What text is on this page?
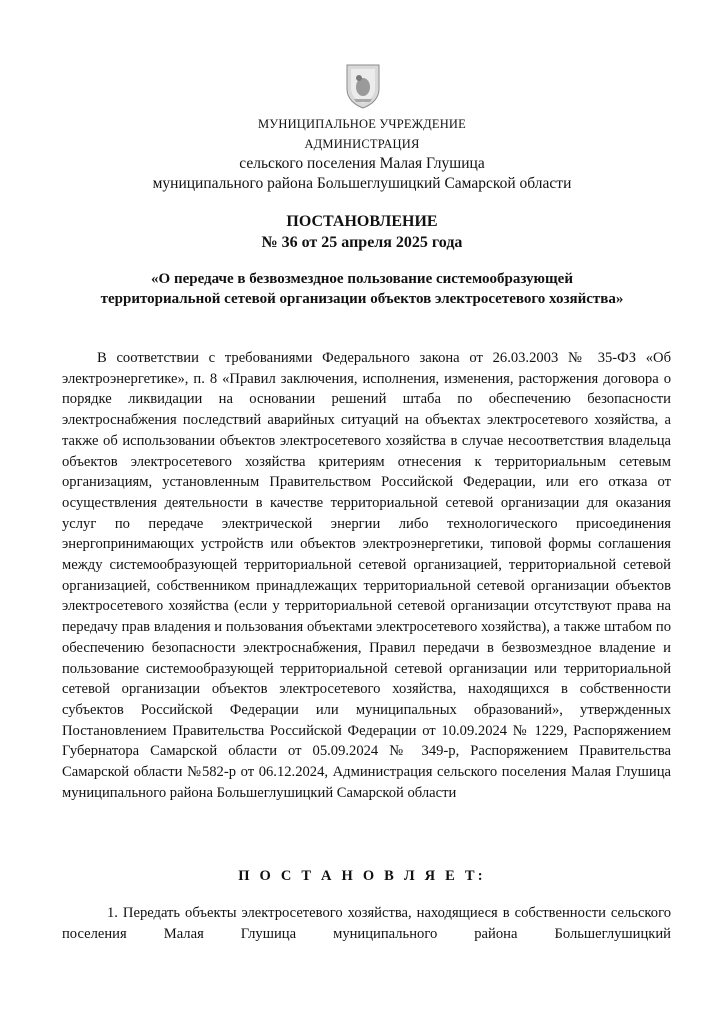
МУНИЦИПАЛЬНОЕ УЧРЕЖДЕНИЕ
АДМИНИСТРАЦИЯ
сельского поселения Малая Глушица
муниципального района Большеглушицкий Самарской области
ПОСТАНОВЛЕНИЕ
№ 36 от 25 апреля 2025 года
«О передаче в безвозмездное пользование системообразующей
территориальной сетевой организации объектов электросетевого хозяйства»

В соответствии с требованиями Федерального закона от 26.03.2003 № 35-ФЗ «Об электроэнергетике», п. 8 «Правил заключения, исполнения, изменения, расторжения договора о порядке ликвидации на основании решений штаба по обеспечению безопасности электроснабжения последствий аварийных ситуаций на объектах электросетевого хозяйства, а также об использовании объектов электросетевого хозяйства в случае несоответствия владельца объектов электросетевого хозяйства критериям отнесения к территориальным сетевым организациям, установленным Правительством Российской Федерации, или его отказа от осуществления деятельности в качестве территориальной сетевой организации для оказания услуг по передаче электрической энергии либо технологического присоединения энергопринимающих устройств или объектов электроэнергетики, типовой формы соглашения между системообразующей территориальной сетевой организацией, территориальной сетевой организацией, собственником принадлежащих территориальной сетевой организации объектов электросетевого хозяйства (если у территориальной сетевой организации отсутствуют права на передачу прав владения и пользования объектами электросетевого хозяйства), а также штабом по обеспечению безопасности электроснабжения, Правил передачи в безвозмездное владение и пользование системообразующей территориальной сетевой организации или территориальной сетевой организации объектов электросетевого хозяйства, находящихся в собственности субъектов Российской Федерации или муниципальных образований», утвержденных Постановлением Правительства Российской Федерации от 10.09.2024 № 1229, Распоряжением Губернатора Самарской области от 05.09.2024 № 349-р, Распоряжением Правительства Самарской области №582-р от 06.12.2024, Администрация сельского поселения Малая Глушица муниципального района Большеглушицкий Самарской области

П О С Т А Н О В Л Я Е Т:

1. Передать объекты электросетевого хозяйства, находящиеся в собственности сельского поселения Малая Глушица муниципального района Большеглушицкий
